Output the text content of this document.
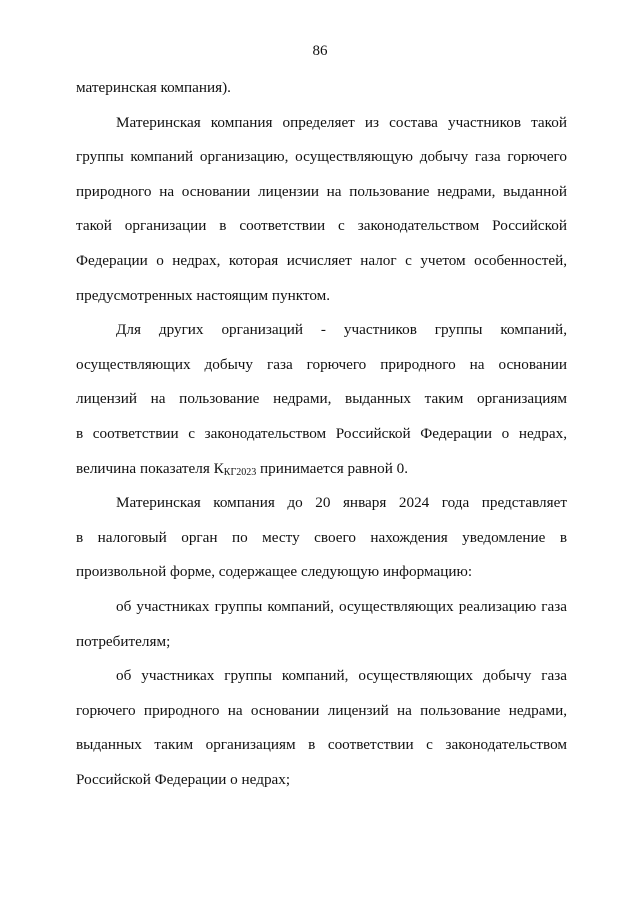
86
материнская компания).
Материнская компания определяет из состава участников такой
группы компаний организацию, осуществляющую добычу газа горючего
природного на основании лицензии на пользование недрами, выданной
такой организации в соответствии с законодательством Российской
Федерации о недрах, которая исчисляет налог с учетом особенностей,
предусмотренных настоящим пунктом.
Для других организаций - участников группы компаний,
осуществляющих добычу газа горючего природного на основании
лицензий на пользование недрами, выданных таким организациям
в соответствии с законодательством Российской Федерации о недрах,
величина показателя $К_{КГ2023}$ принимается равной 0.
Материнская компания до 20 января 2024 года представляет
в налоговый орган по месту своего нахождения уведомление в
произвольной форме, содержащее следующую информацию:
об участниках группы компаний, осуществляющих реализацию газа
потребителям;
об участниках группы компаний, осуществляющих добычу газа
горючего природного на основании лицензий на пользование недрами,
выданных таким организациям в соответствии с законодательством
Российской Федерации о недрах;
